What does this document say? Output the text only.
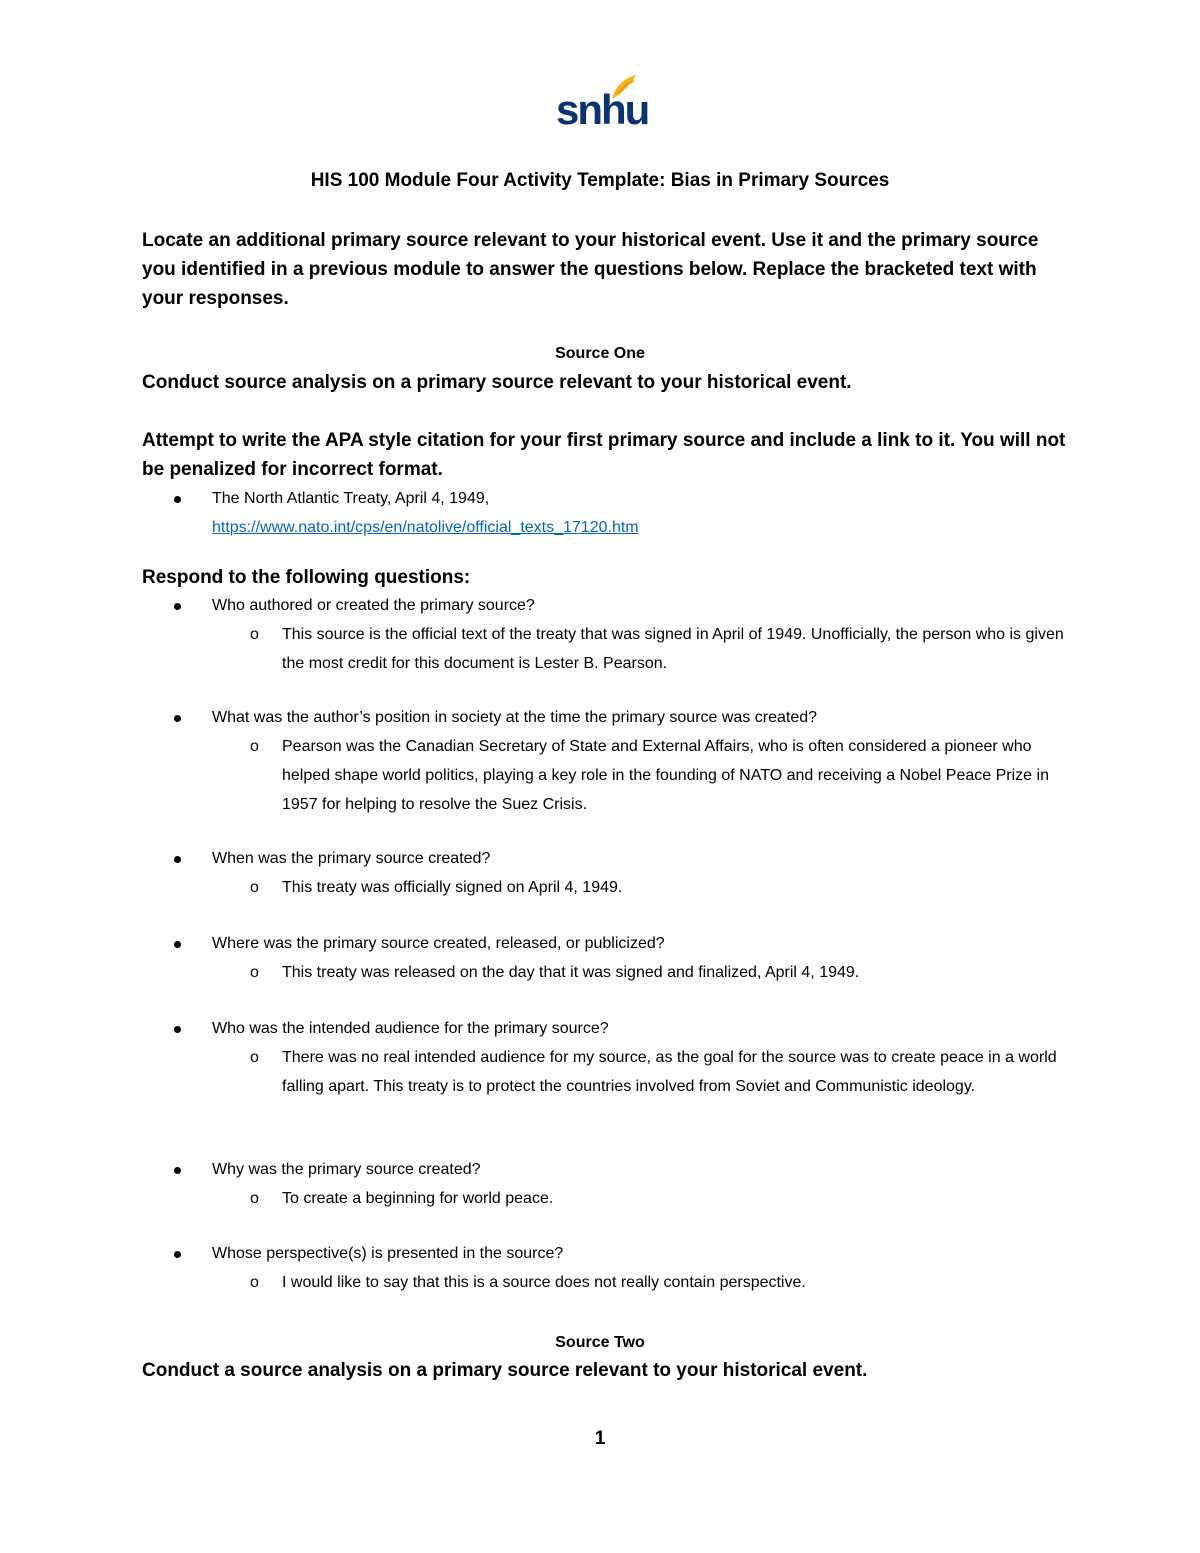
snhu
HIS 100 Module Four Activity Template: Bias in Primary Sources
Locate an additional primary source relevant to your historical event. Use it and the primary source you identified in a previous module to answer the questions below. Replace the bracketed text with your responses.
Source One
Conduct source analysis on a primary source relevant to your historical event.
Attempt to write the APA style citation for your first primary source and include a link to it. You will not be penalized for incorrect format.
The North Atlantic Treaty, April 4, 1949,
https://www.nato.int/cps/en/natolive/official_texts_17120.htm
Respond to the following questions:
Who authored or created the primary source?
o This source is the official text of the treaty that was signed in April of 1949. Unofficially, the person who is given the most credit for this document is Lester B. Pearson.
What was the author’s position in society at the time the primary source was created?
o Pearson was the Canadian Secretary of State and External Affairs, who is often considered a pioneer who helped shape world politics, playing a key role in the founding of NATO and receiving a Nobel Peace Prize in 1957 for helping to resolve the Suez Crisis.
When was the primary source created?
o This treaty was officially signed on April 4, 1949.
Where was the primary source created, released, or publicized?
o This treaty was released on the day that it was signed and finalized, April 4, 1949.
Who was the intended audience for the primary source?
o There was no real intended audience for my source, as the goal for the source was to create peace in a world falling apart. This treaty is to protect the countries involved from Soviet and Communistic ideology.
Why was the primary source created?
o To create a beginning for world peace.
Whose perspective(s) is presented in the source?
o I would like to say that this is a source does not really contain perspective.
Source Two
Conduct a source analysis on a primary source relevant to your historical event.
1
